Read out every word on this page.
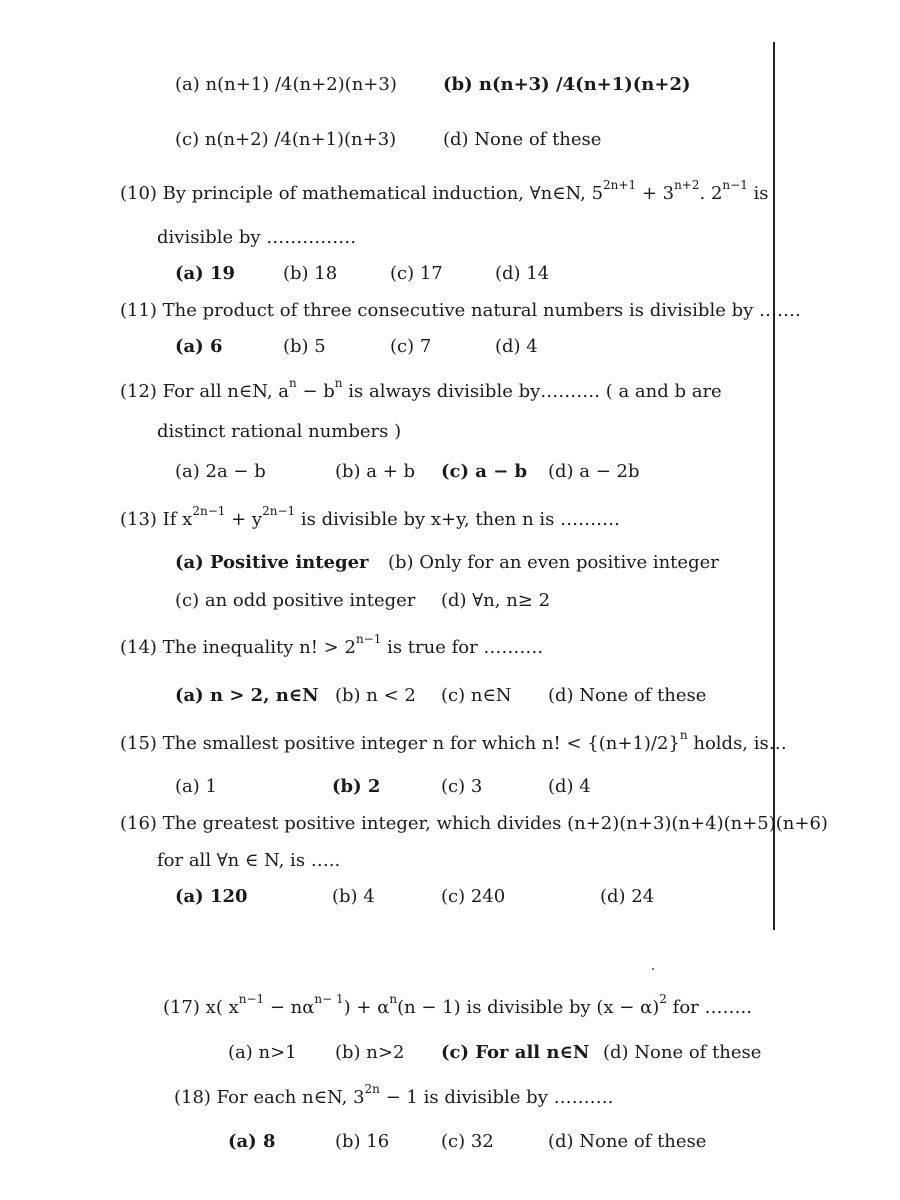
(a) n(n+1) /4(n+2)(n+3)	(b) n(n+3) /4(n+1)(n+2)
(c) n(n+2) /4(n+1)(n+3)	(d) None of these
(10) By principle of mathematical induction, ∀n∈N, $5^{2n+1} + 3^{n+2}$. $2^{n-1}$ is
divisible by ……………
(a) 19	(b) 18	(c) 17	(d) 14
(11) The product of three consecutive natural numbers is divisible by …….
(a) 6	(b) 5	(c) 7	(d) 4
(12) For all n∈N, $a^n - b^n$ is always divisible by………. ( a and b are
distinct rational numbers )
(a) 2a − b	(b) a + b (c) a − b (d) a − 2b
(13) If $x^{2n-1} + y^{2n-1}$ is divisible by x+y, then n is ……….
(a) Positive integer (b) Only for an even positive integer
(c) an odd positive integer (d) ∀n, n≥ 2
(14) The inequality n! > $2^{n-1}$ is true for ……….
(a) n > 2, n∈N (b) n < 2 (c) n∈N (d) None of these
(15) The smallest positive integer n for which n! < $\{(n+1)/2\}^n$ holds, is…
(a) 1	(b) 2	(c) 3	(d) 4
(16) The greatest positive integer, which divides (n+2)(n+3)(n+4)(n+5)(n+6)
for all ∀n ∈ N, is …..
(a) 120	(b) 4	(c) 240	(d) 24
(17) x( $x^{n-1} - n\alpha^{n- 1}) + \alpha^n(n - 1)$ is divisible by $(x - \alpha)^2$ for ……..
(a) n>1 (b) n>2 (c) For all n∈N (d) None of these
(18) For each n∈N, $3^{2n} - 1$ is divisible by ……….
(a) 8	(b) 16	(c) 32	(d) None of these
